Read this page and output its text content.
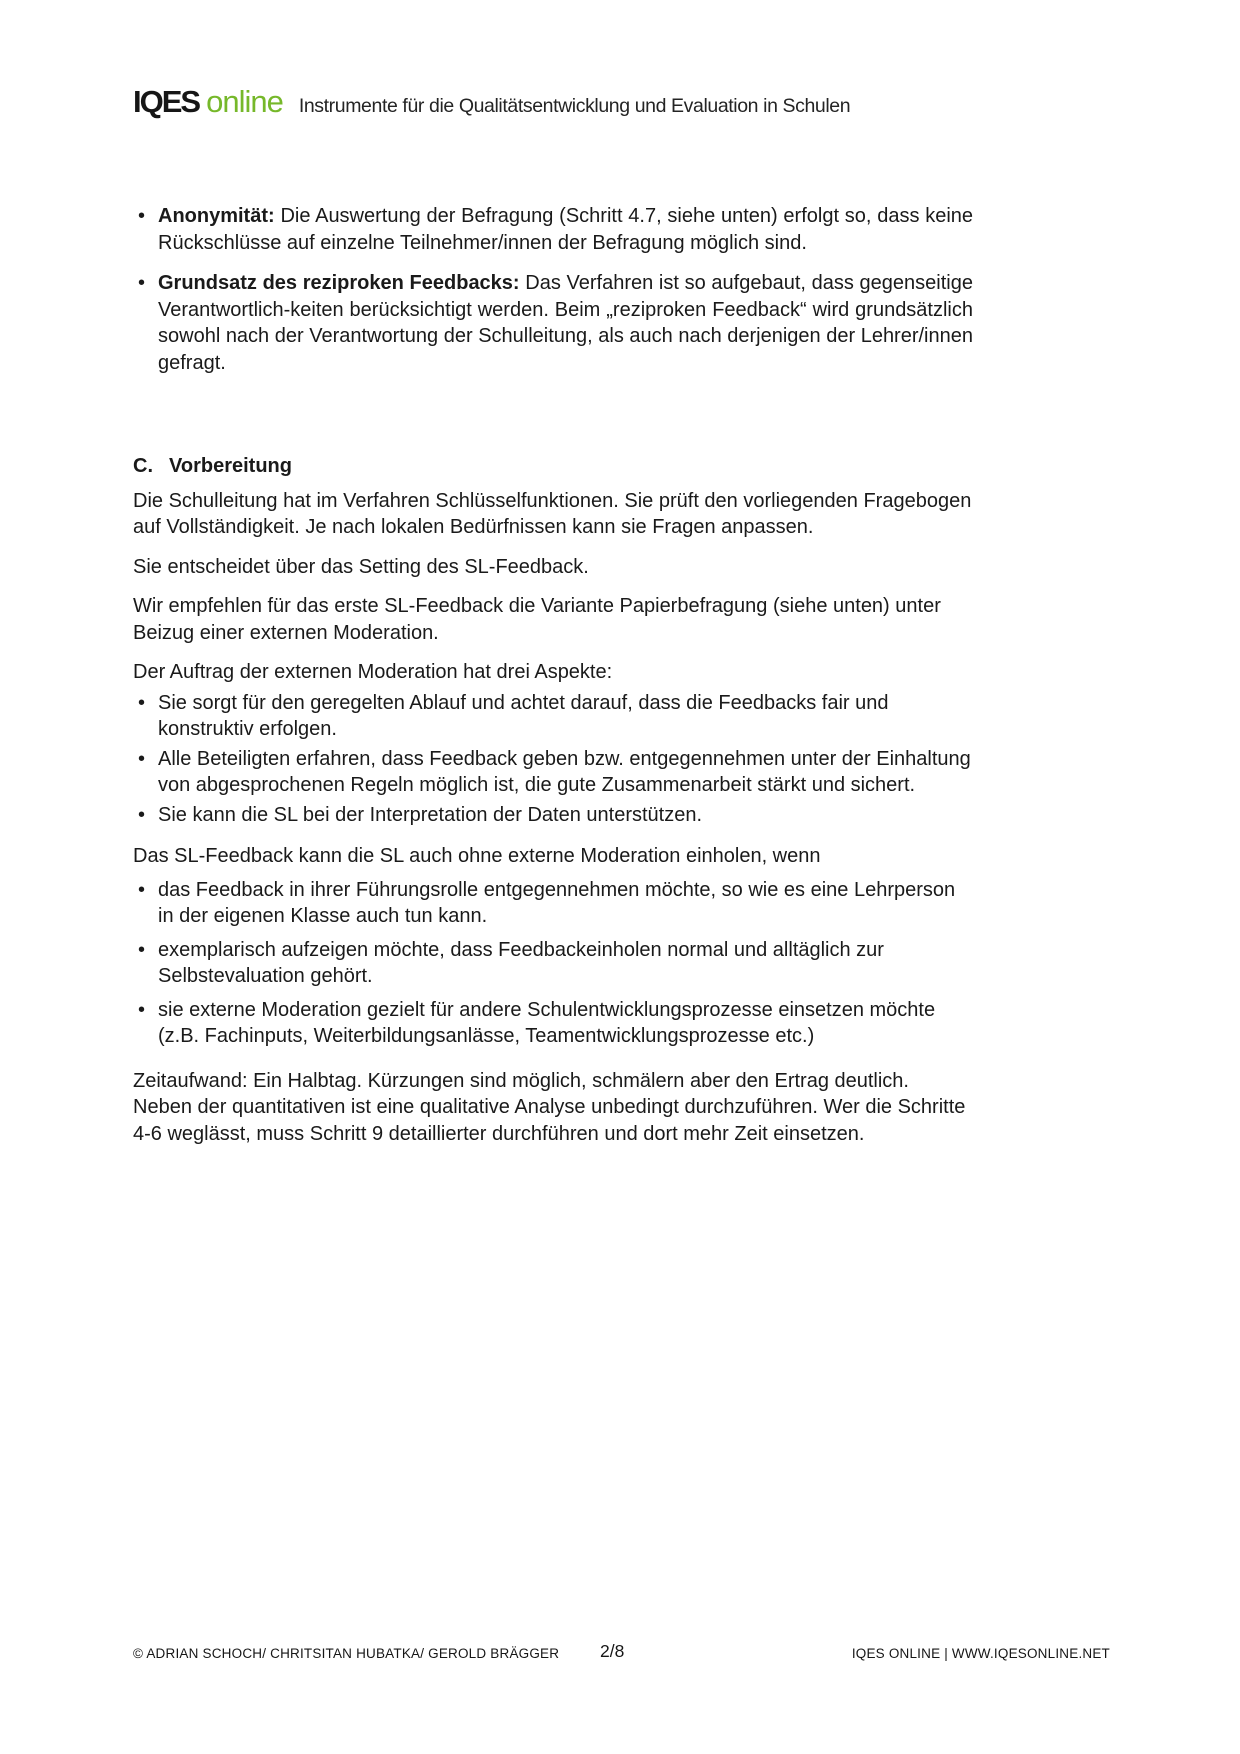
IQES online Instrumente für die Qualitätsentwicklung und Evaluation in Schulen
• Anonymität: Die Auswertung der Befragung (Schritt 4.7, siehe unten) erfolgt so, dass keine Rückschlüsse auf einzelne Teilnehmer/innen der Befragung möglich sind.
• Grundsatz des reziproken Feedbacks: Das Verfahren ist so aufgebaut, dass gegenseitige Verantwortlich-keiten berücksichtigt werden. Beim „reziproken Feedback“ wird grundsätzlich sowohl nach der Verantwortung der Schulleitung, als auch nach derjenigen der Lehrer/innen gefragt.
C. Vorbereitung

Die Schulleitung hat im Verfahren Schlüsselfunktionen. Sie prüft den vorliegenden Fragebogen auf Vollständigkeit. Je nach lokalen Bedürfnissen kann sie Fragen anpassen.

Sie entscheidet über das Setting des SL-Feedback.

Wir empfehlen für das erste SL-Feedback die Variante Papierbefragung (siehe unten) unter Beizug einer externen Moderation.

Der Auftrag der externen Moderation hat drei Aspekte:

• Sie sorgt für den geregelten Ablauf und achtet darauf, dass die Feedbacks fair und konstruktiv erfolgen.
• Alle Beteiligten erfahren, dass Feedback geben bzw. entgegennehmen unter der Einhaltung von abgesprochenen Regeln möglich ist, die gute Zusammenarbeit stärkt und sichert.
• Sie kann die SL bei der Interpretation der Daten unterstützen.

Das SL-Feedback kann die SL auch ohne externe Moderation einholen, wenn

• das Feedback in ihrer Führungsrolle entgegennehmen möchte, so wie es eine Lehrperson in der eigenen Klasse auch tun kann.
• exemplarisch aufzeigen möchte, dass Feedbackeinholen normal und alltäglich zur Selbstevaluation gehört.
• sie externe Moderation gezielt für andere Schulentwicklungsprozesse einsetzen möchte (z.B. Fachinputs, Weiterbildungsanlässe, Teamentwicklungsprozesse etc.)

Zeitaufwand: Ein Halbtag. Kürzungen sind möglich, schmälern aber den Ertrag deutlich. Neben der quantitativen ist eine qualitative Analyse unbedingt durchzuführen. Wer die Schritte 4-6 weglässt, muss Schritt 9 detaillierter durchführen und dort mehr Zeit einsetzen.

© ADRIAN SCHOCH/ CHRITSITAN HUBATKA/ GEROLD BRÄGGER 2/8	IQES ONLINE | WWW.IQESONLINE.NET
